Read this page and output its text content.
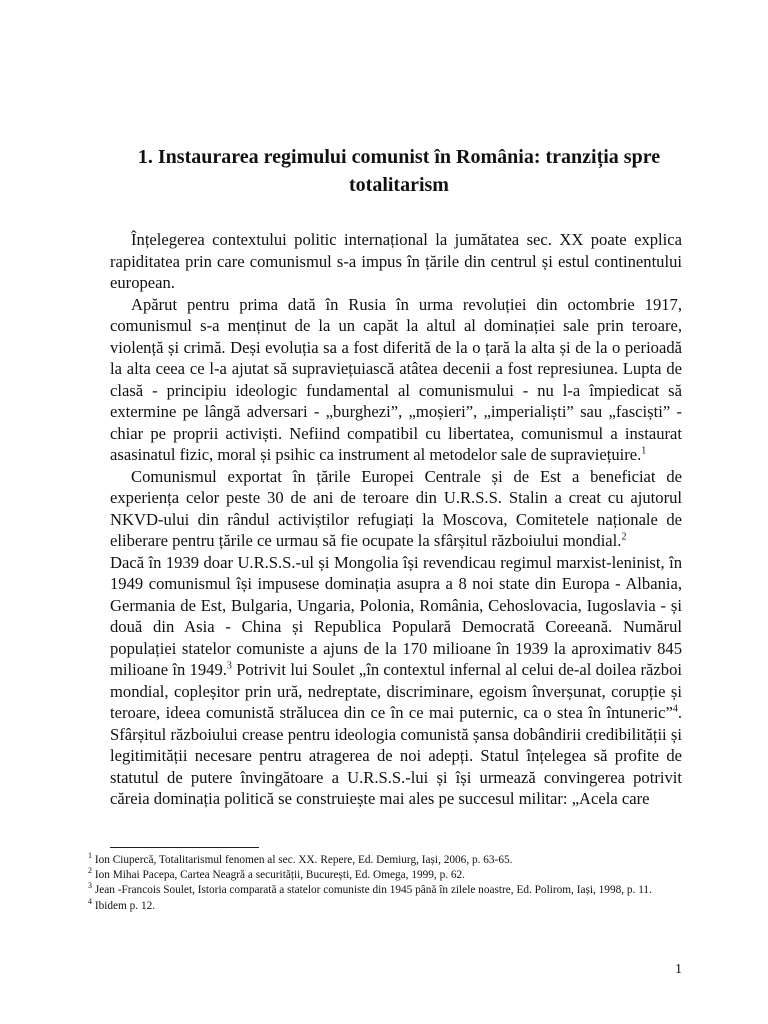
1. Instaurarea regimului comunist în România: tranziția spre totalitarism

Înțelegerea contextului politic internațional la jumătatea sec. XX poate explica rapiditatea prin care comunismul s-a impus în țările din centrul și estul continentului european.

Apărut pentru prima dată în Rusia în urma revoluției din octombrie 1917, comunismul s-a menținut de la un capăt la altul al dominației sale prin teroare, violență și crimă. Deși evoluția sa a fost diferită de la o țară la alta și de la o perioadă la alta ceea ce l-a ajutat să supraviețuiască atâtea decenii a fost represiunea. Lupta de clasă - principiu ideologic fundamental al comunismului - nu l-a împiedicat să extermine pe lângă adversari - „burghezi”, „moșieri”, „imperialiști” sau „fasciști” - chiar pe proprii activiști. Nefiind compatibil cu libertatea, comunismul a instaurat asasinatul fizic, moral și psihic ca instrument al metodelor sale de supraviețuire.$^1$

Comunismul exportat în țările Europei Centrale și de Est a beneficiat de experiența celor peste 30 de ani de teroare din U.R.S.S. Stalin a creat cu ajutorul NKVD-ului din rândul activiștilor refugiați la Moscova, Comitetele naționale de eliberare pentru țările ce urmau să fie ocupate la sfârșitul războiului mondial.$^2$

Dacă în 1939 doar U.R.S.S.-ul și Mongolia își revendicau regimul marxist-leninist, în 1949 comunismul își impusese dominația asupra a 8 noi state din Europa - Albania, Germania de Est, Bulgaria, Ungaria, Polonia, România, Cehoslovacia, Iugoslavia - și două din Asia - China și Republica Populară Democrată Coreeană. Numărul populației statelor comuniste a ajuns de la 170 milioane în 1939 la aproximativ 845 milioane în 1949.$^3$ Potrivit lui Soulet „în contextul infernal al celui de-al doilea război mondial, copleșitor prin ură, nedreptate, discriminare, egoism înverșunat, corupție și teroare, ideea comunistă strălucea din ce în ce mai puternic, ca o stea în întuneric”$^4$. Sfârșitul războiului crease pentru ideologia comunistă șansa dobândirii credibilității și legitimității necesare pentru atragerea de noi adepți. Statul înțelegea să profite de statutul de putere învingătoare a U.R.S.S.-lui și își urmează convingerea potrivit căreia dominația politică se construiește mai ales pe succesul militar: „Acela care

$^1$ Ion Ciupercă, Totalitarismul fenomen al sec. XX. Repere, Ed. Demiurg, Iași, 2006, p. 63-65.
$^2$ Ion Mihai Pacepa, Cartea Neagră a securității, București, Ed. Omega, 1999, p. 62.
$^3$ Jean -Francois Soulet, Istoria comparată a statelor comuniste din 1945 până în zilele noastre, Ed. Polirom, Iași, 1998, p. 11.
$^4$ Ibidem p. 12.
1
